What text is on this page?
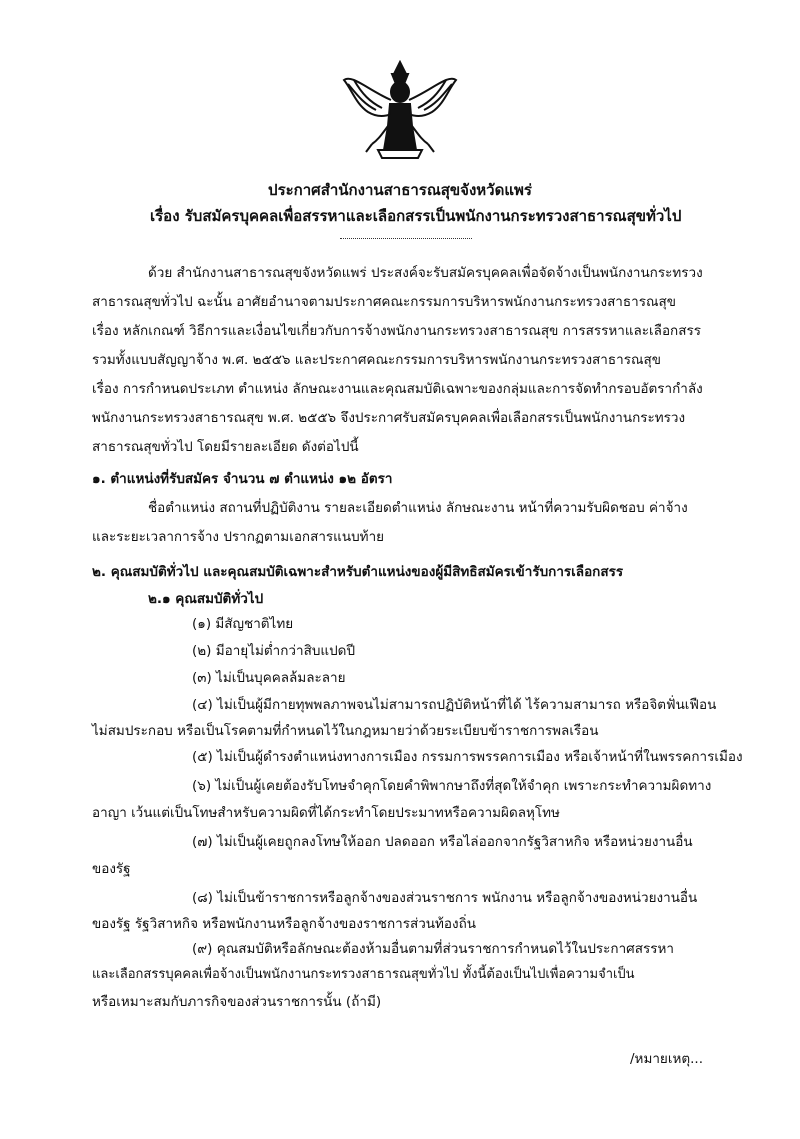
ประกาศสำนักงานสาธารณสุขจังหวัดแพร่
เรื่อง รับสมัครบุคคลเพื่อสรรหาและเลือกสรรเป็นพนักงานกระทรวงสาธารณสุขทั่วไป
ด้วย สำนักงานสาธารณสุขจังหวัดแพร่ ประสงค์จะรับสมัครบุคคลเพื่อจัดจ้างเป็นพนักงานกระทรวง
สาธารณสุขทั่วไป ฉะนั้น อาศัยอำนาจตามประกาศคณะกรรมการบริหารพนักงานกระทรวงสาธารณสุข
เรื่อง หลักเกณฑ์ วิธีการและเงื่อนไขเกี่ยวกับการจ้างพนักงานกระทรวงสาธารณสุข การสรรหาและเลือกสรร
รวมทั้งแบบสัญญาจ้าง พ.ศ. ๒๕๕๖ และประกาศคณะกรรมการบริหารพนักงานกระทรวงสาธารณสุข
เรื่อง การกำหนดประเภท ตำแหน่ง ลักษณะงานและคุณสมบัติเฉพาะของกลุ่มและการจัดทำกรอบอัตรากำลัง
พนักงานกระทรวงสาธารณสุข พ.ศ. ๒๕๕๖ จึงประกาศรับสมัครบุคคลเพื่อเลือกสรรเป็นพนักงานกระทรวง
สาธารณสุขทั่วไป โดยมีรายละเอียด ดังต่อไปนี้
๑. ตำแหน่งที่รับสมัคร จำนวน ๗ ตำแหน่ง ๑๒ อัตรา
ชื่อตำแหน่ง สถานที่ปฏิบัติงาน รายละเอียดตำแหน่ง ลักษณะงาน หน้าที่ความรับผิดชอบ ค่าจ้าง
และระยะเวลาการจ้าง ปรากฏตามเอกสารแนบท้าย
๒. คุณสมบัติทั่วไป และคุณสมบัติเฉพาะสำหรับตำแหน่งของผู้มีสิทธิสมัครเข้ารับการเลือกสรร
๒.๑ คุณสมบัติทั่วไป
(๑) มีสัญชาติไทย
(๒) มีอายุไม่ต่ำกว่าสิบแปดปี
(๓) ไม่เป็นบุคคลล้มละลาย
(๔) ไม่เป็นผู้มีกายทุพพลภาพจนไม่สามารถปฏิบัติหน้าที่ได้ ไร้ความสามารถ หรือจิตฟั่นเฟือน
ไม่สมประกอบ หรือเป็นโรคตามที่กำหนดไว้ในกฎหมายว่าด้วยระเบียบข้าราชการพลเรือน
(๕) ไม่เป็นผู้ดำรงตำแหน่งทางการเมือง กรรมการพรรคการเมือง หรือเจ้าหน้าที่ในพรรคการเมือง
(๖) ไม่เป็นผู้เคยต้องรับโทษจำคุกโดยคำพิพากษาถึงที่สุดให้จำคุก เพราะกระทำความผิดทาง
อาญา เว้นแต่เป็นโทษสำหรับความผิดที่ได้กระทำโดยประมาทหรือความผิดลหุโทษ
(๗) ไม่เป็นผู้เคยถูกลงโทษให้ออก ปลดออก หรือไล่ออกจากรัฐวิสาหกิจ หรือหน่วยงานอื่น
ของรัฐ
(๘) ไม่เป็นข้าราชการหรือลูกจ้างของส่วนราชการ พนักงาน หรือลูกจ้างของหน่วยงานอื่น
ของรัฐ รัฐวิสาหกิจ หรือพนักงานหรือลูกจ้างของราชการส่วนท้องถิ่น
(๙) คุณสมบัติหรือลักษณะต้องห้ามอื่นตามที่ส่วนราชการกำหนดไว้ในประกาศสรรหา
และเลือกสรรบุคคลเพื่อจ้างเป็นพนักงานกระทรวงสาธารณสุขทั่วไป ทั้งนี้ต้องเป็นไปเพื่อความจำเป็น
หรือเหมาะสมกับภารกิจของส่วนราชการนั้น (ถ้ามี)
/หมายเหตุ...
